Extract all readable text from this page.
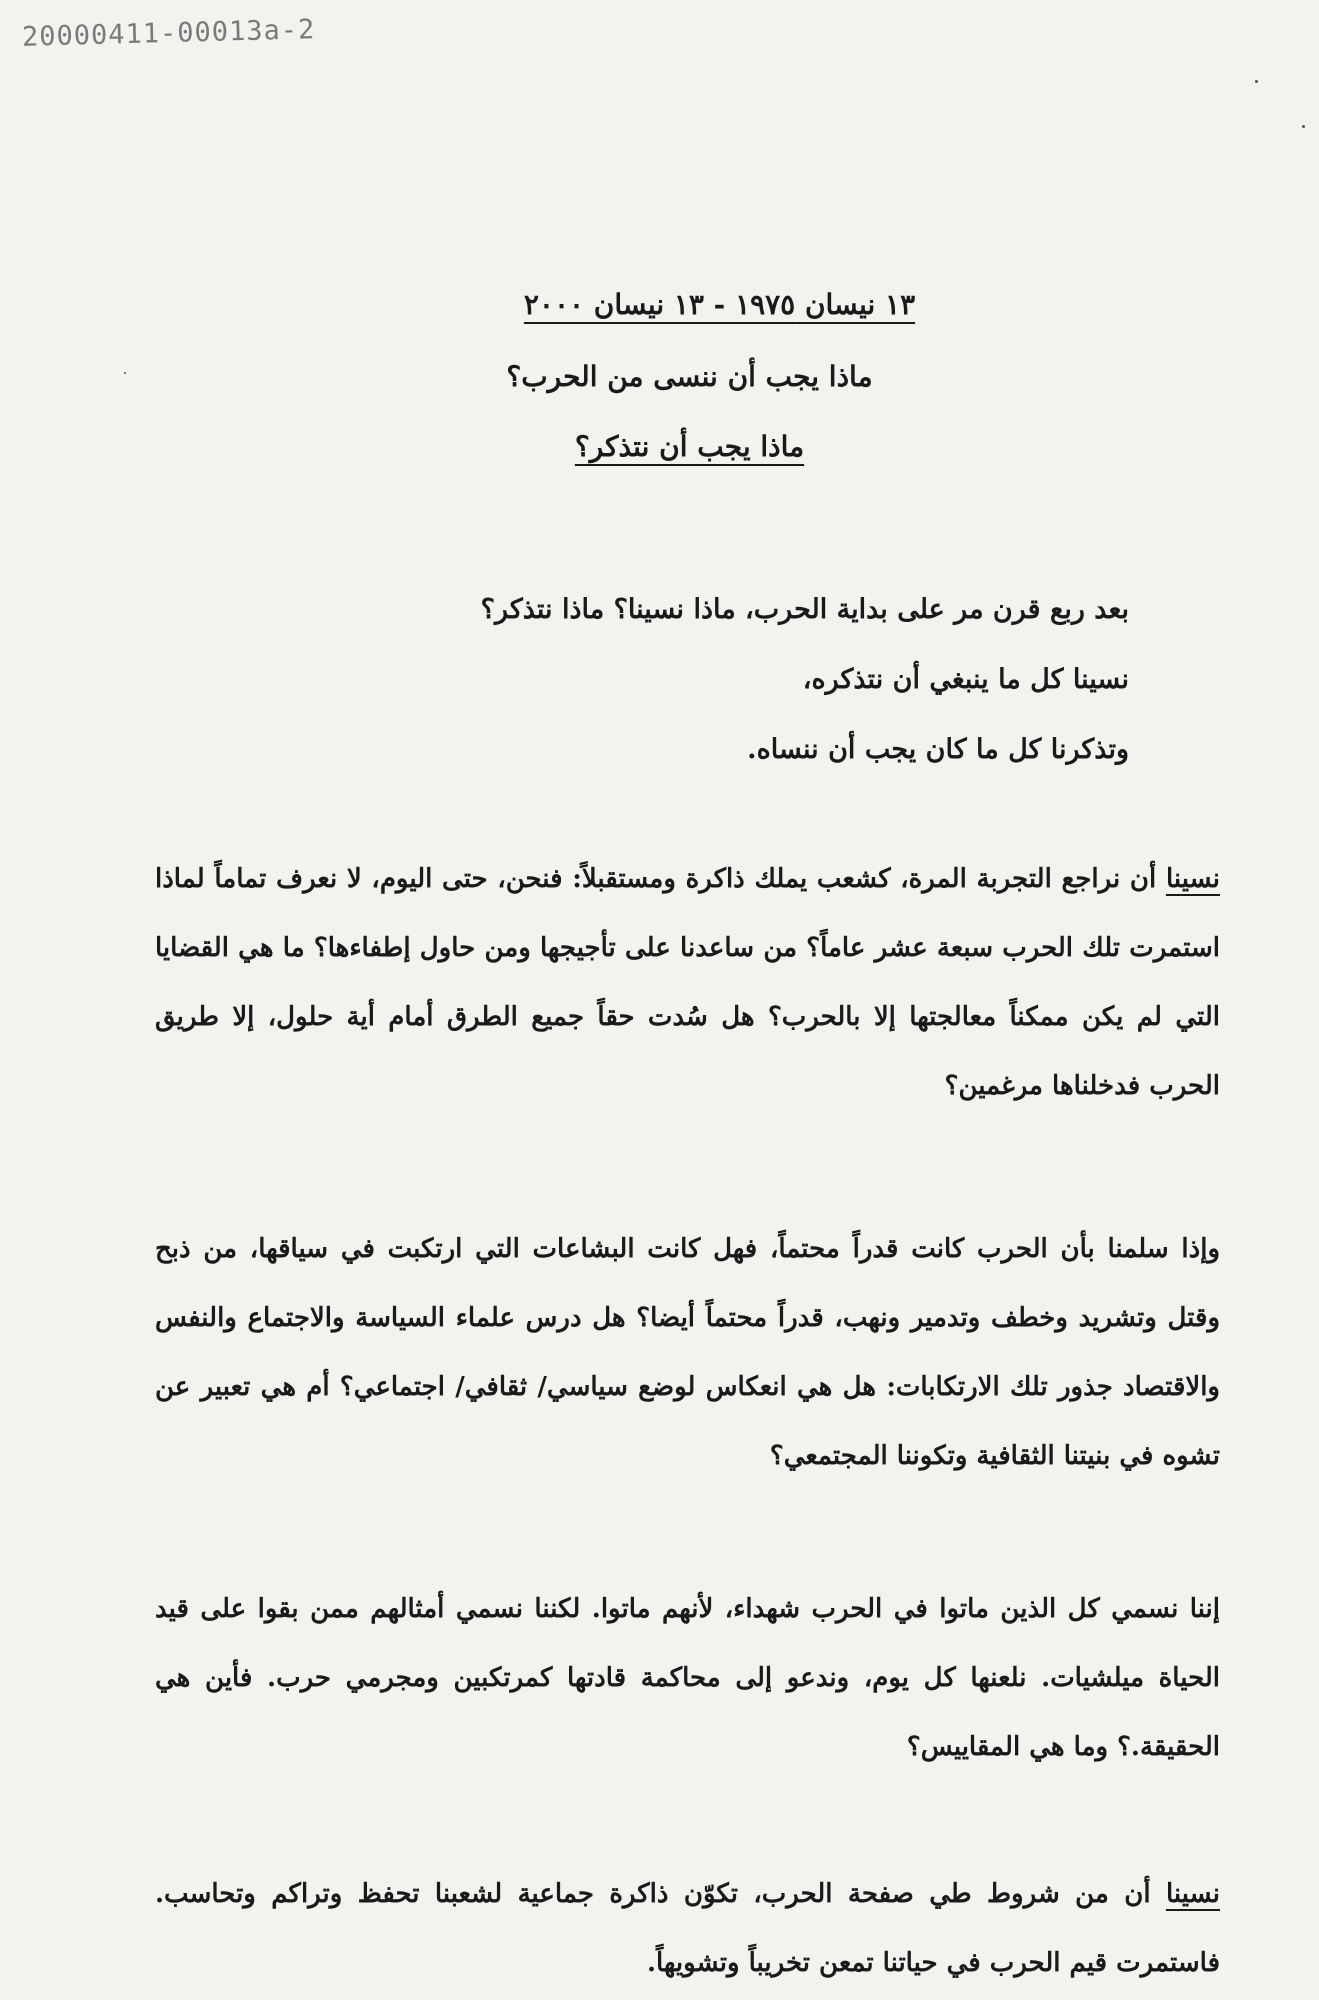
20000411-00013a-2
١٣ نيسان ١٩٧٥ - ١٣ نيسان ٢٠٠٠
ماذا يجب أن ننسى من الحرب؟
ماذا يجب أن نتذكر؟
بعد ربع قرن مر على بداية الحرب، ماذا نسينا؟ ماذا نتذكر؟
نسينا كل ما ينبغي أن نتذكره،
وتذكرنا كل ما كان يجب أن ننساه.
نسينا أن نراجع التجربة المرة، كشعب يملك ذاكرة ومستقبلاً: فنحن، حتى اليوم، لا نعرف تماماً لماذا استمرت تلك الحرب سبعة عشر عاماً؟ من ساعدنا على تأجيجها ومن حاول إطفاءها؟ ما هي القضايا التي لم يكن ممكناً معالجتها إلا بالحرب؟ هل سُدت حقاً جميع الطرق أمام أية حلول، إلا طريق الحرب فدخلناها مرغمين؟
وإذا سلمنا بأن الحرب كانت قدراً محتماً، فهل كانت البشاعات التي ارتكبت في سياقها، من ذبح وقتل وتشريد وخطف وتدمير ونهب، قدراً محتماً أيضا؟ هل درس علماء السياسة والاجتماع والنفس والاقتصاد جذور تلك الارتكابات: هل هي انعكاس لوضع سياسي/ ثقافي/ اجتماعي؟ أم هي تعبير عن تشوه في بنيتنا الثقافية وتكوننا المجتمعي؟
إننا نسمي كل الذين ماتوا في الحرب شهداء، لأنهم ماتوا. لكننا نسمي أمثالهم ممن بقوا على قيد الحياة ميلشيات. نلعنها كل يوم، وندعو إلى محاكمة قادتها كمرتكبين ومجرمي حرب. فأين هي الحقيقة.؟ وما هي المقاييس؟
نسينا أن من شروط طي صفحة الحرب، تكوّن ذاكرة جماعية لشعبنا تحفظ وتراكم وتحاسب. فاستمرت قيم الحرب في حياتنا تمعن تخريباً وتشويهاً.
